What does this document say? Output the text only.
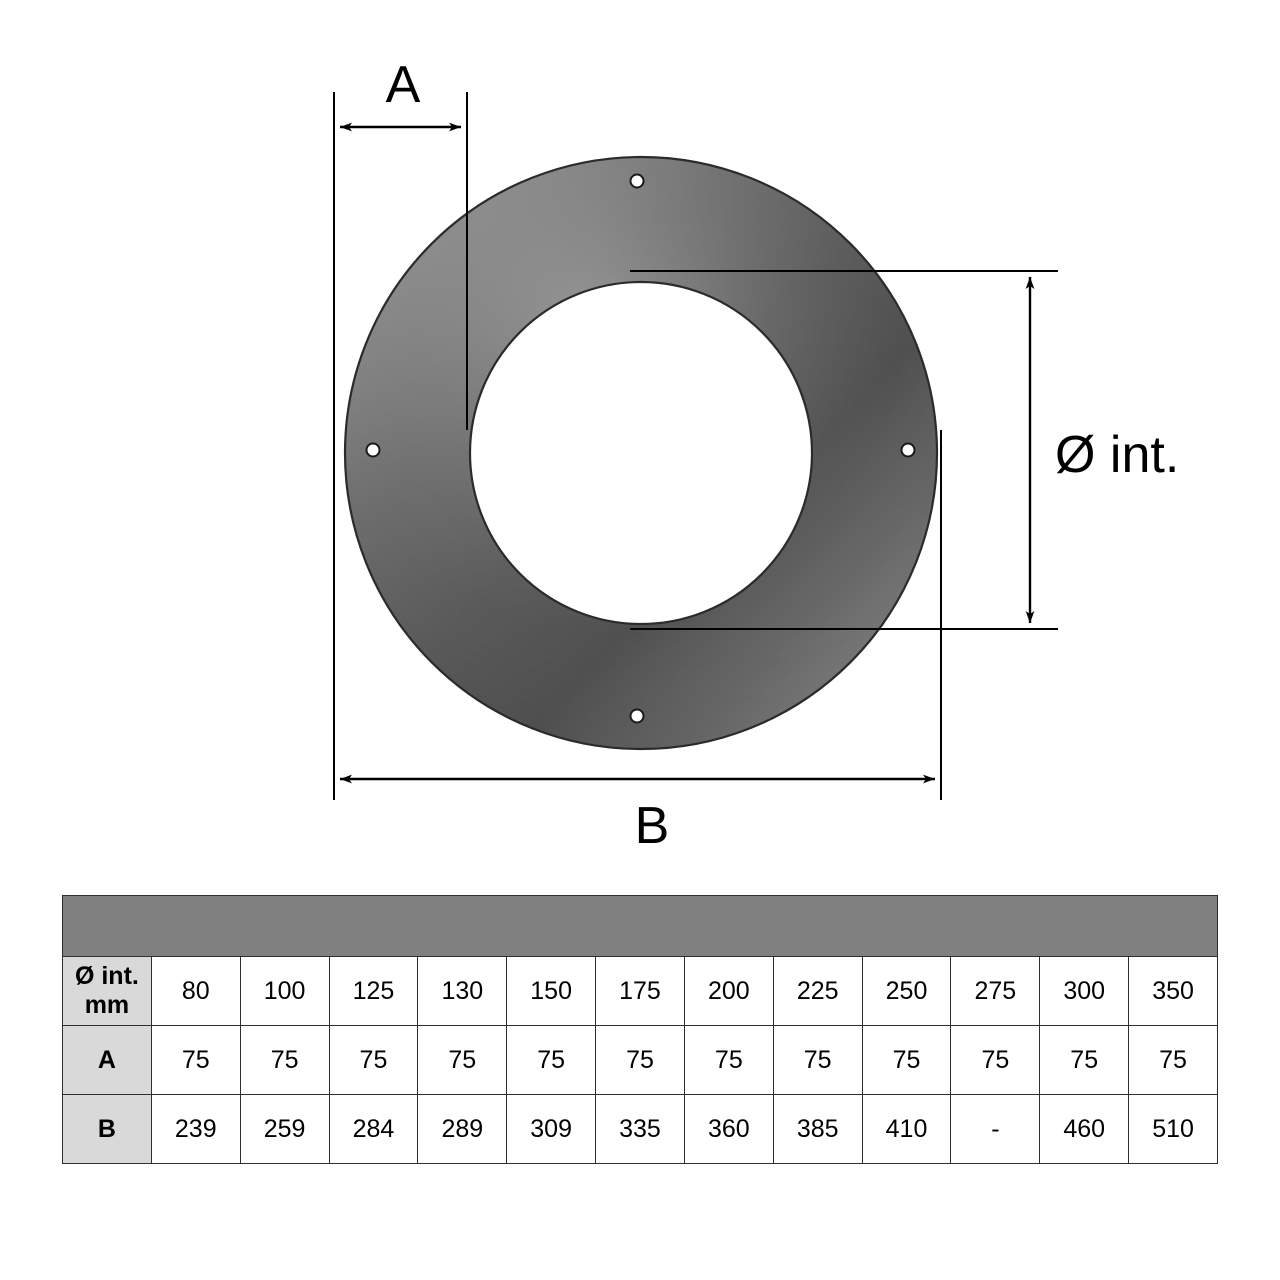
A
B
Ø int.

Ø int.
mm	80	100	125	130	150	175	200	225	250	275	300	350
A	75	75	75	75	75	75	75	75	75	75	75	75
B	239	259	284	289	309	335	360	385	410	-	460	510
